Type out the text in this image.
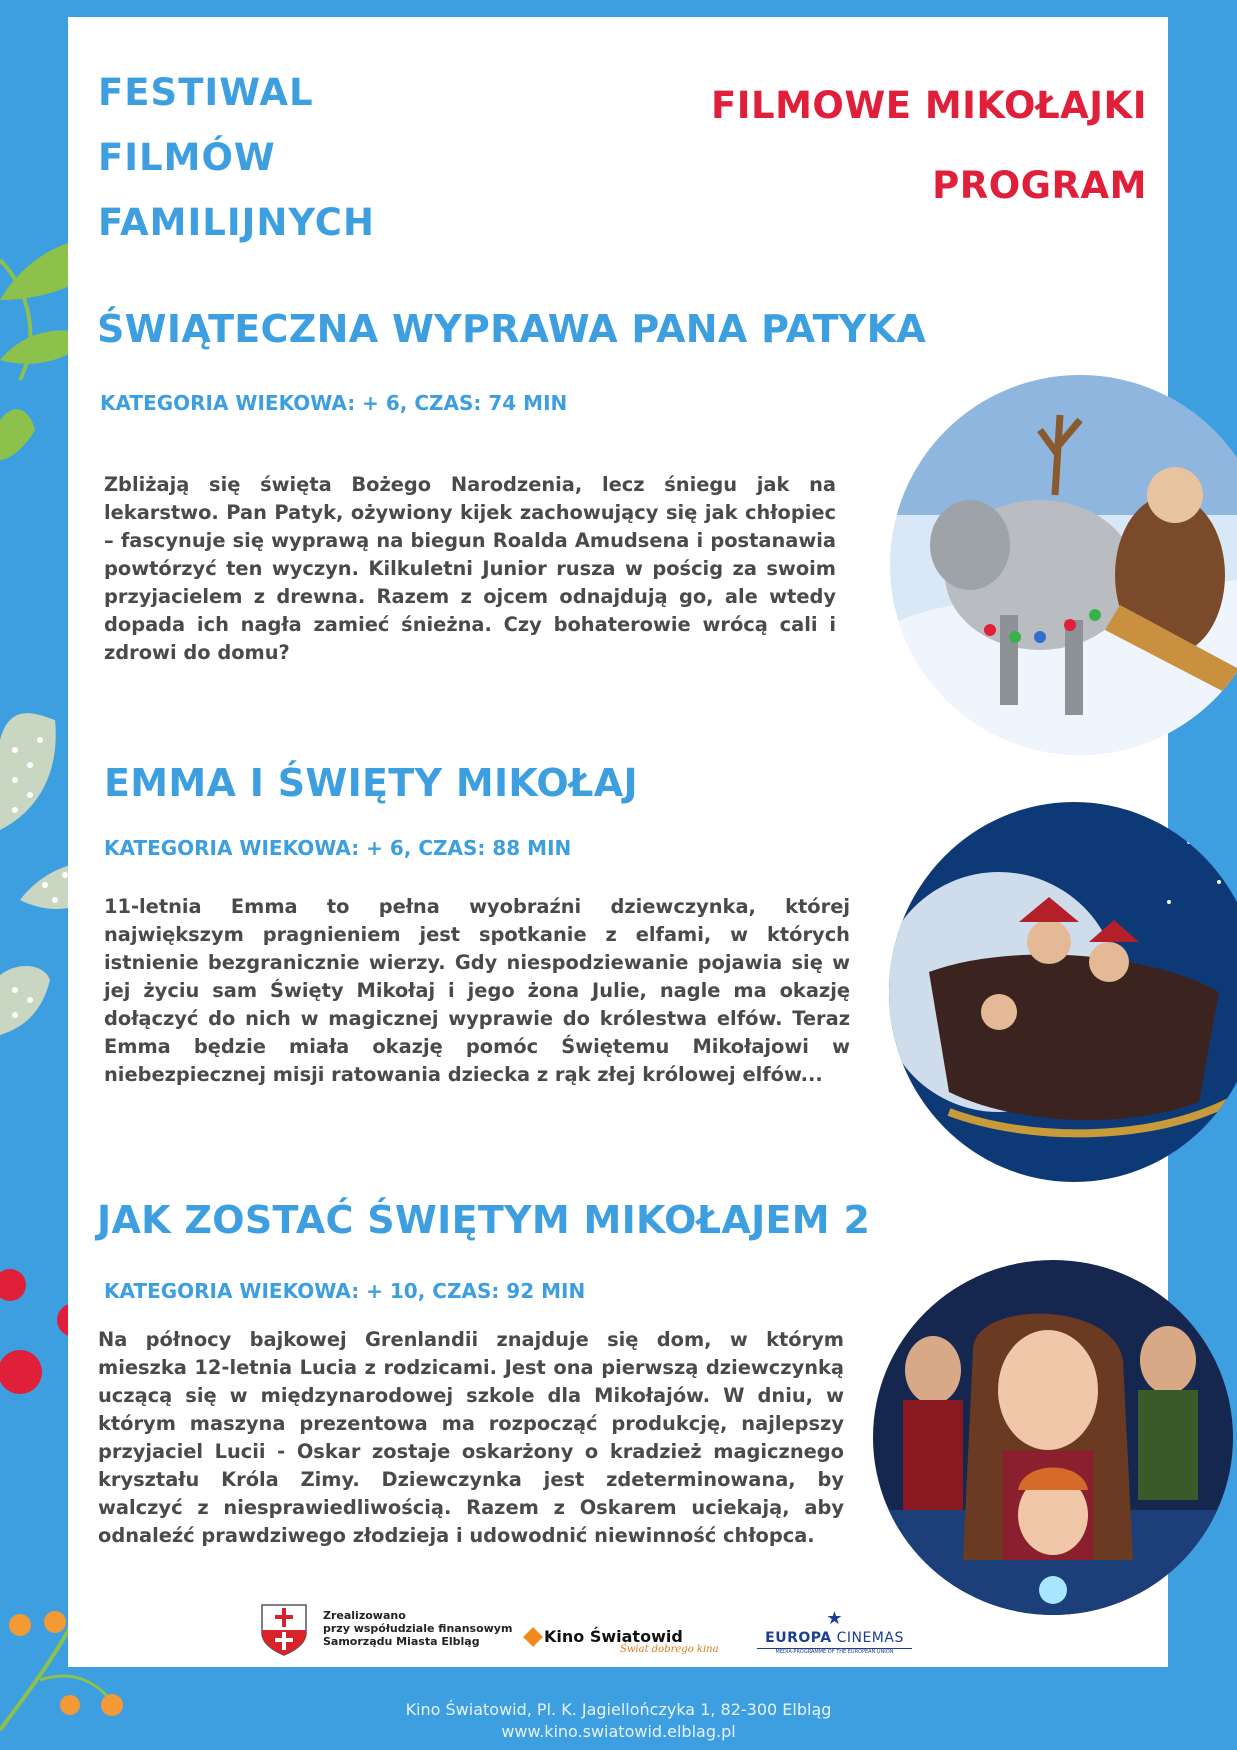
FESTIWAL
FILMÓW
FAMILIJNYCH
FILMOWE MIKOŁAJKI
PROGRAM
ŚWIĄTECZNA WYPRAWA PANA PATYKA
KATEGORIA WIEKOWA: + 6, CZAS: 74 MIN
Zbliżają się święta Bożego Narodzenia, lecz śniegu jak na lekarstwo. Pan Patyk, ożywiony kijek zachowujący się jak chłopiec – fascynuje się wyprawą na biegun Roalda Amudsena i postanawia powtórzyć ten wyczyn. Kilkuletni Junior rusza w pościg za swoim przyjacielem z drewna. Razem z ojcem odnajdują go, ale wtedy dopada ich nagła zamieć śnieżna. Czy bohaterowie wrócą cali i zdrowi do domu?
EMMA I ŚWIĘTY MIKOŁAJ
KATEGORIA WIEKOWA: + 6, CZAS: 88 MIN
11-letnia Emma to pełna wyobraźni dziewczynka, której największym pragnieniem jest spotkanie z elfami, w których istnienie bezgranicznie wierzy. Gdy niespodziewanie pojawia się w jej życiu sam Święty Mikołaj i jego żona Julie, nagle ma okazję dołączyć do nich w magicznej wyprawie do królestwa elfów. Teraz Emma będzie miała okazję pomóc Świętemu Mikołajowi w niebezpiecznej misji ratowania dziecka z rąk złej królowej elfów...
JAK ZOSTAĆ ŚWIĘTYM MIKOŁAJEM 2
KATEGORIA WIEKOWA: + 10, CZAS: 92 MIN
Na północy bajkowej Grenlandii znajduje się dom, w którym mieszka 12-letnia Lucia z rodzicami. Jest ona pierwszą dziewczynką uczącą się w międzynarodowej szkole dla Mikołajów. W dniu, w którym maszyna prezentowa ma rozpocząć produkcję, najlepszy przyjaciel Lucii - Oskar zostaje oskarżony o kradzież magicznego kryształu Króla Zimy. Dziewczynka jest zdeterminowana, by walczyć z niesprawiedliwością. Razem z Oskarem uciekają, aby odnaleźć prawdziwego złodzieja i udowodnić niewinność chłopca.
Zrealizowano
przy współudziale finansowym
Samorządu Miasta Elbląg	Kino Światowid
Świat dobrego kina
★
EUROPA CINEMAS
MEDIA-PROGRAMME OF THE EUROPEAN UNION
Kino Światowid, Pl. K. Jagiellończyka 1, 82-300 Elbląg
www.kino.swiatowid.elblag.pl
